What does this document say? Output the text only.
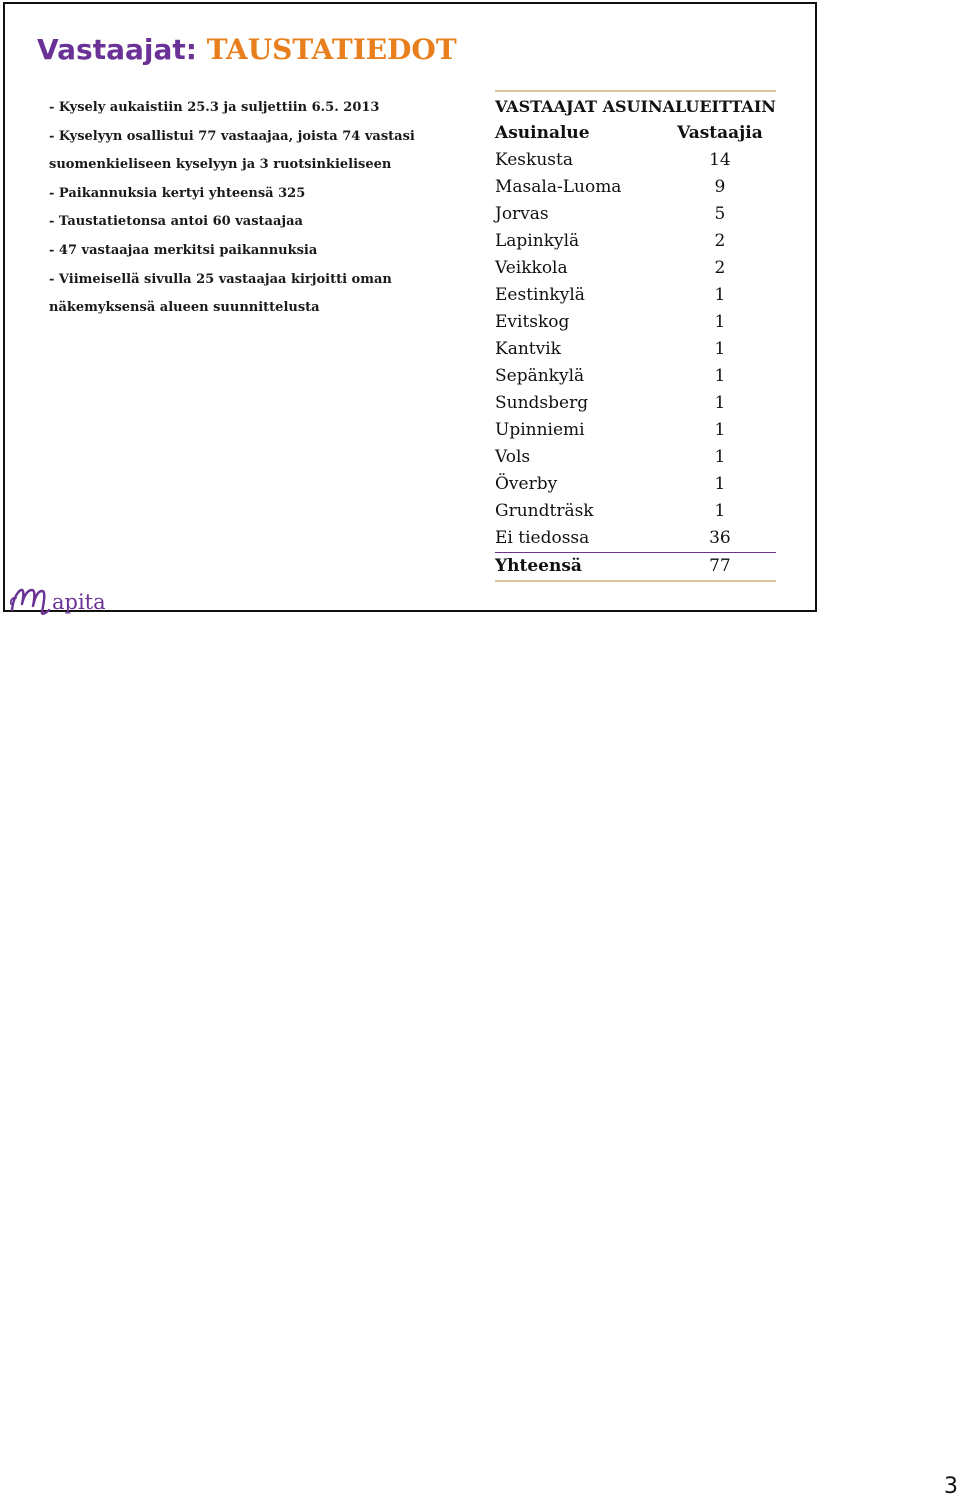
Vastaajat: TAUSTATIEDOT
- Kysely aukaistiin 25.3 ja suljettiin 6.5. 2013
- Kyselyyn osallistui 77 vastaajaa, joista 74 vastasi
suomenkieliseen kyselyyn ja 3 ruotsinkieliseen
- Paikannuksia kertyi yhteensä 325
- Taustatietonsa antoi 60 vastaajaa
- 47 vastaajaa merkitsi paikannuksia
- Viimeisellä sivulla 25 vastaajaa kirjoitti oman
näkemyksensä alueen suunnittelusta
VASTAAJAT ASUINALUEITTAIN	
Asuinalue	Vastaajia
Keskusta	14
Masala-Luoma	9
Jorvas	5
Lapinkylä	2
Veikkola	2
Eestinkylä	1
Evitskog	1
Kantvik	1
Sepänkylä	1
Sundsberg	1
Upinniemi	1
Vols	1
Överby	1
Grundträsk	1
Ei tiedossa	36
Yhteensä	77
apita
3
